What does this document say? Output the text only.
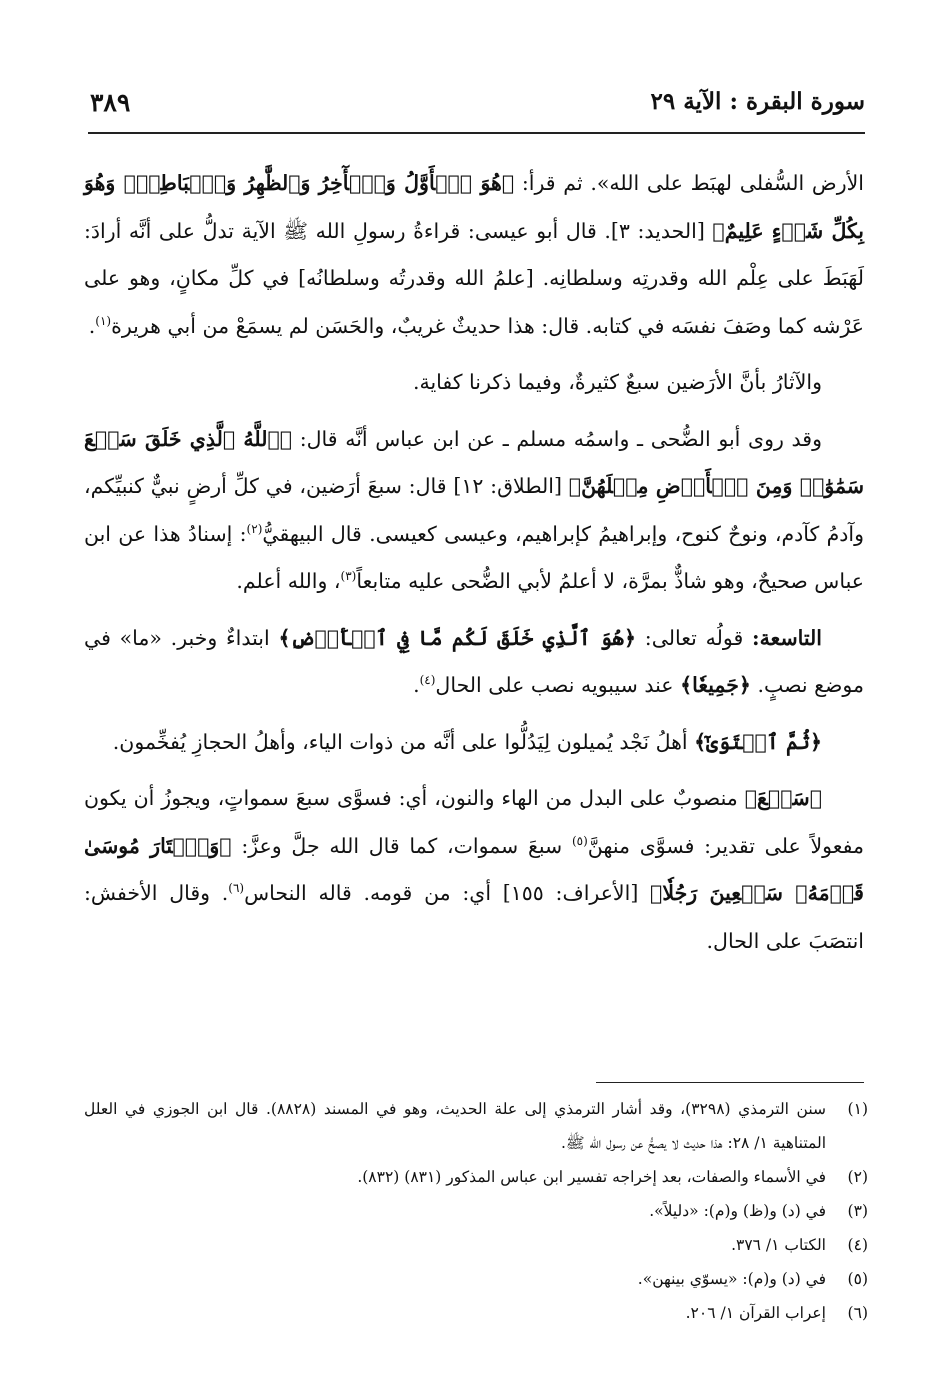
سورة البقرة : الآية ٢٩
٣٨٩

الأرض السُّفلى لهبَط على الله». ثم قرأ: ﴿هُوَ ٱلۡأَوَّلُ وَٱلۡأٓخِرُ وَٱلظَّٰهِرُ وَٱلۡبَاطِنُۖ وَهُوَ بِكُلِّ شَيۡءٍ عَلِيمٌ﴾ [الحديد: ٣]. قال أبو عيسى: قراءةُ رسولِ الله ﷺ الآية تدلُّ على أنَّه أرادَ: لَهَبَطَ على عِلْم الله وقدرتِه وسلطانِه. [علمُ الله وقدرتُه وسلطانُه] في كلِّ مكانٍ، وهو على عَرْشه كما وصَفَ نفسَه في كتابه. قال: هذا حديثٌ غريبٌ، والحَسَن لم يسمَعْ من أبي هريرة$^{(١)}$.

والآثارُ بأنَّ الأرَضين سبعٌ كثيرةٌ، وفيما ذكرنا كفاية.

وقد روى أبو الضُّحى ـ واسمُه مسلم ـ عن ابن عباس أنَّه قال: ﴿ٱللَّهُ ٱلَّذِي خَلَقَ سَبۡعَ سَمَٰوَٰتٖ وَمِنَ ٱلۡأَرۡضِ مِثۡلَهُنَّ﴾ [الطلاق: ١٢] قال: سبعَ أرَضين، في كلِّ أرضٍ نبيٌّ كنبيِّكم، وآدمُ كآدم، ونوحٌ كنوح، وإبراهيمُ كإبراهيم، وعيسى كعيسى. قال البيهقيُّ$^{(٢)}$: إسنادُ هذا عن ابن عباس صحيحٌ، وهو شاذٌّ بمرَّة، لا أعلمُ لأبي الضُّحى عليه متابعاً$^{(٣)}$، والله أعلم.

التاسعة: قولُه تعالى: ﴿هُوَ ٱلَّذِي خَلَقَ لَكُم مَّا فِي ٱلۡأَرۡضِ﴾ ابتداءٌ وخبر. «ما» في موضع نصبٍ. ﴿جَمِيعٗا﴾ عند سيبويه نصب على الحال$^{(٤)}$.

﴿ثُمَّ ٱسۡتَوَىٰٓ﴾ أهلُ نَجْد يُميلون لِيَدُلُّوا على أنَّه من ذوات الياء، وأهلُ الحجازِ يُفخِّمون.

﴿سَبۡعَ﴾ منصوبٌ على البدل من الهاء والنون، أي: فسوَّى سبعَ سمواتٍ، ويجوزُ أن يكون مفعولاً على تقدير: فسوَّى منهنَّ$^{(٥)}$ سبعَ سموات، كما قال الله جلَّ وعزَّ: ﴿وَٱخۡتَارَ مُوسَىٰ قَوۡمَهُۥ سَبۡعِينَ رَجُلٗا﴾ [الأعراف: ١٥٥] أي: من قومه. قاله النحاس$^{(٦)}$. وقال الأخفش: انتصَبَ على الحال.

(١)
سنن الترمذي (٣٢٩٨)، وقد أشار الترمذي إلى علة الحديث، وهو في المسند (٨٨٢٨). قال ابن الجوزي في العلل المتناهية ١/ ٢٨: هذا حديث لا يصحُّ عن رسول الله ﷺ.
(٢)
في الأسماء والصفات، بعد إخراجه تفسير ابن عباس المذكور (٨٣١) (٨٣٢).
(٣)
في (د) و(ظ) و(م): «دليلاً».
(٤)
الكتاب ١/ ٣٧٦.
(٥)
في (د) و(م): «يسوّي بينهن».
(٦)
إعراب القرآن ١/ ٢٠٦.
